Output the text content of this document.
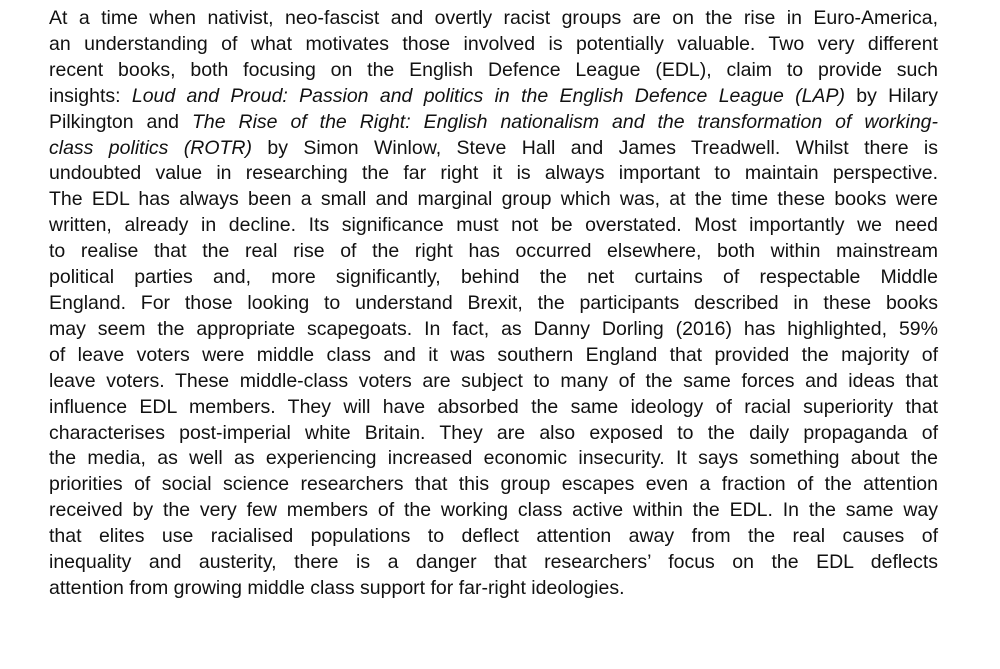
At a time when nativist, neo-fascist and overtly racist groups are on the rise in Euro-America,
an understanding of what motivates those involved is potentially valuable. Two very different
recent books, both focusing on the English Defence League (EDL), claim to provide such
insights: Loud and Proud: Passion and politics in the English Defence League (LAP) by Hilary
Pilkington and The Rise of the Right: English nationalism and the transformation of working-
class politics (ROTR) by Simon Winlow, Steve Hall and James Treadwell. Whilst there is
undoubted value in researching the far right it is always important to maintain perspective.
The EDL has always been a small and marginal group which was, at the time these books were
written, already in decline. Its significance must not be overstated. Most importantly we need
to realise that the real rise of the right has occurred elsewhere, both within mainstream
political parties and, more significantly, behind the net curtains of respectable Middle
England. For those looking to understand Brexit, the participants described in these books
may seem the appropriate scapegoats. In fact, as Danny Dorling (2016) has highlighted, 59%
of leave voters were middle class and it was southern England that provided the majority of
leave voters. These middle-class voters are subject to many of the same forces and ideas that
influence EDL members. They will have absorbed the same ideology of racial superiority that
characterises post-imperial white Britain. They are also exposed to the daily propaganda of
the media, as well as experiencing increased economic insecurity. It says something about the
priorities of social science researchers that this group escapes even a fraction of the attention
received by the very few members of the working class active within the EDL. In the same way
that elites use racialised populations to deflect attention away from the real causes of
inequality and austerity, there is a danger that researchers’ focus on the EDL deflects
attention from growing middle class support for far-right ideologies.
